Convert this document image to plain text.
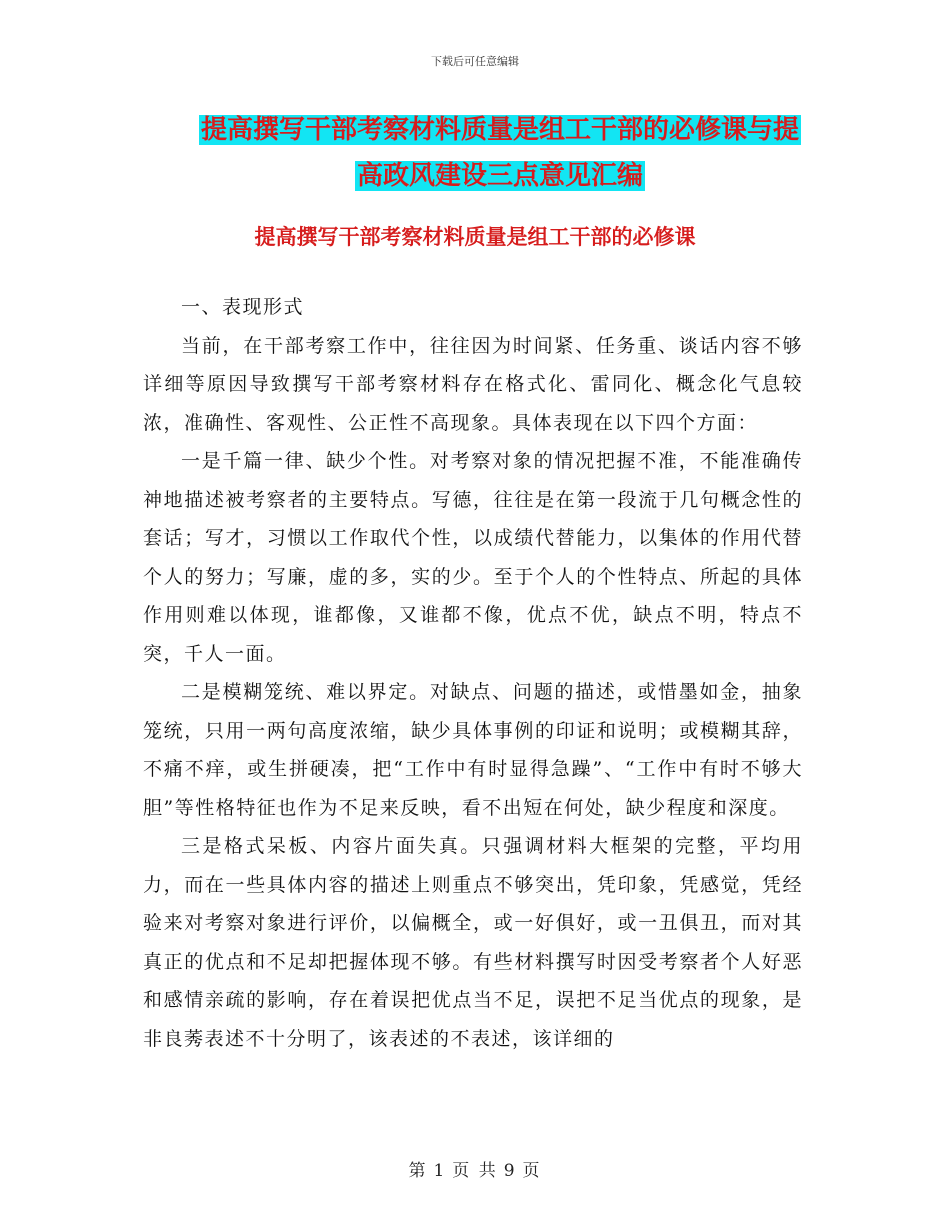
下载后可任意编辑
提高撰写干部考察材料质量是组工干部的必修课与提
高政风建设三点意见汇编
提高撰写干部考察材料质量是组工干部的必修课

一、表现形式

当前，在干部考察工作中，往往因为时间紧、任务重、谈话内容不够详细等原因导致撰写干部考察材料存在格式化、雷同化、概念化气息较浓，准确性、客观性、公正性不高现象。具体表现在以下四个方面：

一是千篇一律、缺少个性。对考察对象的情况把握不准，不能准确传神地描述被考察者的主要特点。写德，往往是在第一段流于几句概念性的套话；写才，习惯以工作取代个性，以成绩代替能力，以集体的作用代替个人的努力；写廉，虚的多，实的少。至于个人的个性特点、所起的具体作用则难以体现，谁都像，又谁都不像，优点不优，缺点不明，特点不突，千人一面。

二是模糊笼统、难以界定。对缺点、问题的描述，或惜墨如金，抽象笼统，只用一两句高度浓缩，缺少具体事例的印证和说明；或模糊其辞，不痛不痒，或生拼硬凑，把“工作中有时显得急躁”、“工作中有时不够大胆”等性格特征也作为不足来反映，看不出短在何处，缺少程度和深度。

三是格式呆板、内容片面失真。只强调材料大框架的完整，平均用力，而在一些具体内容的描述上则重点不够突出，凭印象，凭感觉，凭经验来对考察对象进行评价，以偏概全，或一好俱好，或一丑俱丑，而对其真正的优点和不足却把握体现不够。有些材料撰写时因受考察者个人好恶和感情亲疏的影响，存在着误把优点当不足，误把不足当优点的现象，是非良莠表述不十分明了，该表述的不表述，该详细的

第 1 页 共 9 页
